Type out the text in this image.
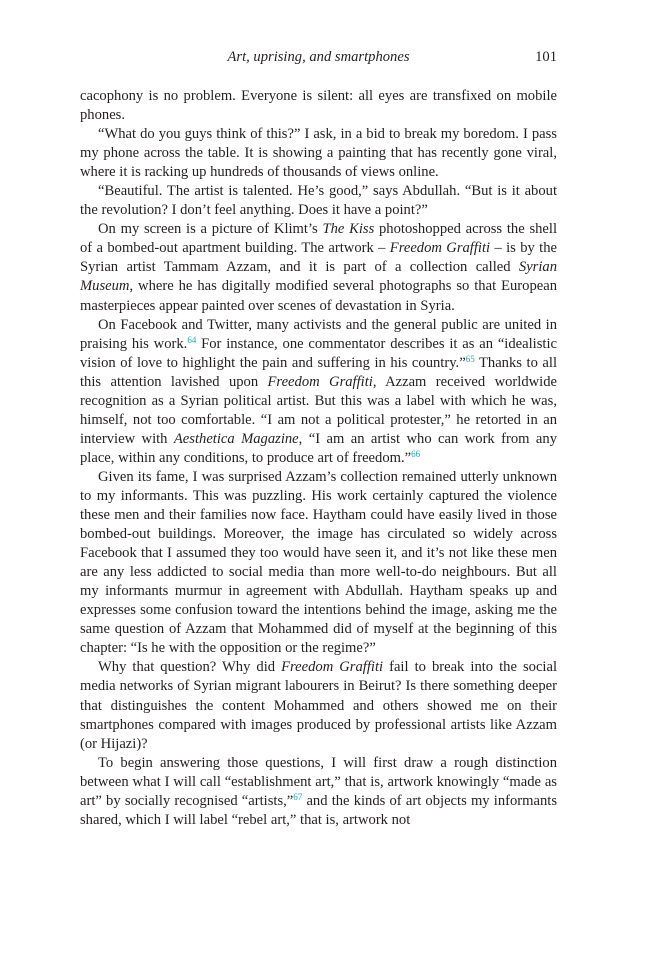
Art, uprising, and smartphones	101

cacophony is no problem. Everyone is silent: all eyes are transfixed on mobile phones.

“What do you guys think of this?” I ask, in a bid to break my boredom. I pass my phone across the table. It is showing a painting that has recently gone viral, where it is racking up hundreds of thousands of views online.

“Beautiful. The artist is talented. He’s good,” says Abdullah. “But is it about the revolution? I don’t feel anything. Does it have a point?”

On my screen is a picture of Klimt’s The Kiss photoshopped across the shell of a bombed-out apartment building. The artwork – Freedom Graffiti – is by the Syrian artist Tammam Azzam, and it is part of a collection called Syrian Museum, where he has digitally modified several photographs so that European masterpieces appear painted over scenes of devastation in Syria.

On Facebook and Twitter, many activists and the general public are united in praising his work.$^{64}$ For instance, one commentator describes it as an “idealistic vision of love to highlight the pain and suffering in his country.”$^{65}$ Thanks to all this attention lavished upon Freedom Graffiti, Azzam received worldwide recognition as a Syrian political artist. But this was a label with which he was, himself, not too comfortable. “I am not a political protester,” he retorted in an interview with Aesthetica Magazine, “I am an artist who can work from any place, within any conditions, to produce art of freedom.”$^{66}$

Given its fame, I was surprised Azzam’s collection remained utterly unknown to my informants. This was puzzling. His work certainly captured the violence these men and their families now face. Haytham could have easily lived in those bombed-out buildings. Moreover, the image has circulated so widely across Facebook that I assumed they too would have seen it, and it’s not like these men are any less addicted to social media than more well-to-do neighbours. But all my informants murmur in agreement with Abdullah. Haytham speaks up and expresses some confusion toward the intentions behind the image, asking me the same question of Azzam that Mohammed did of myself at the beginning of this chapter: “Is he with the opposition or the regime?”

Why that question? Why did Freedom Graffiti fail to break into the social media networks of Syrian migrant labourers in Beirut? Is there something deeper that distinguishes the content Mohammed and others showed me on their smartphones compared with images produced by professional artists like Azzam (or Hijazi)?

To begin answering those questions, I will first draw a rough distinction between what I will call “establishment art,” that is, artwork knowingly “made as art” by socially recognised “artists,”$^{67}$ and the kinds of art objects my informants shared, which I will label “rebel art,” that is, artwork not
